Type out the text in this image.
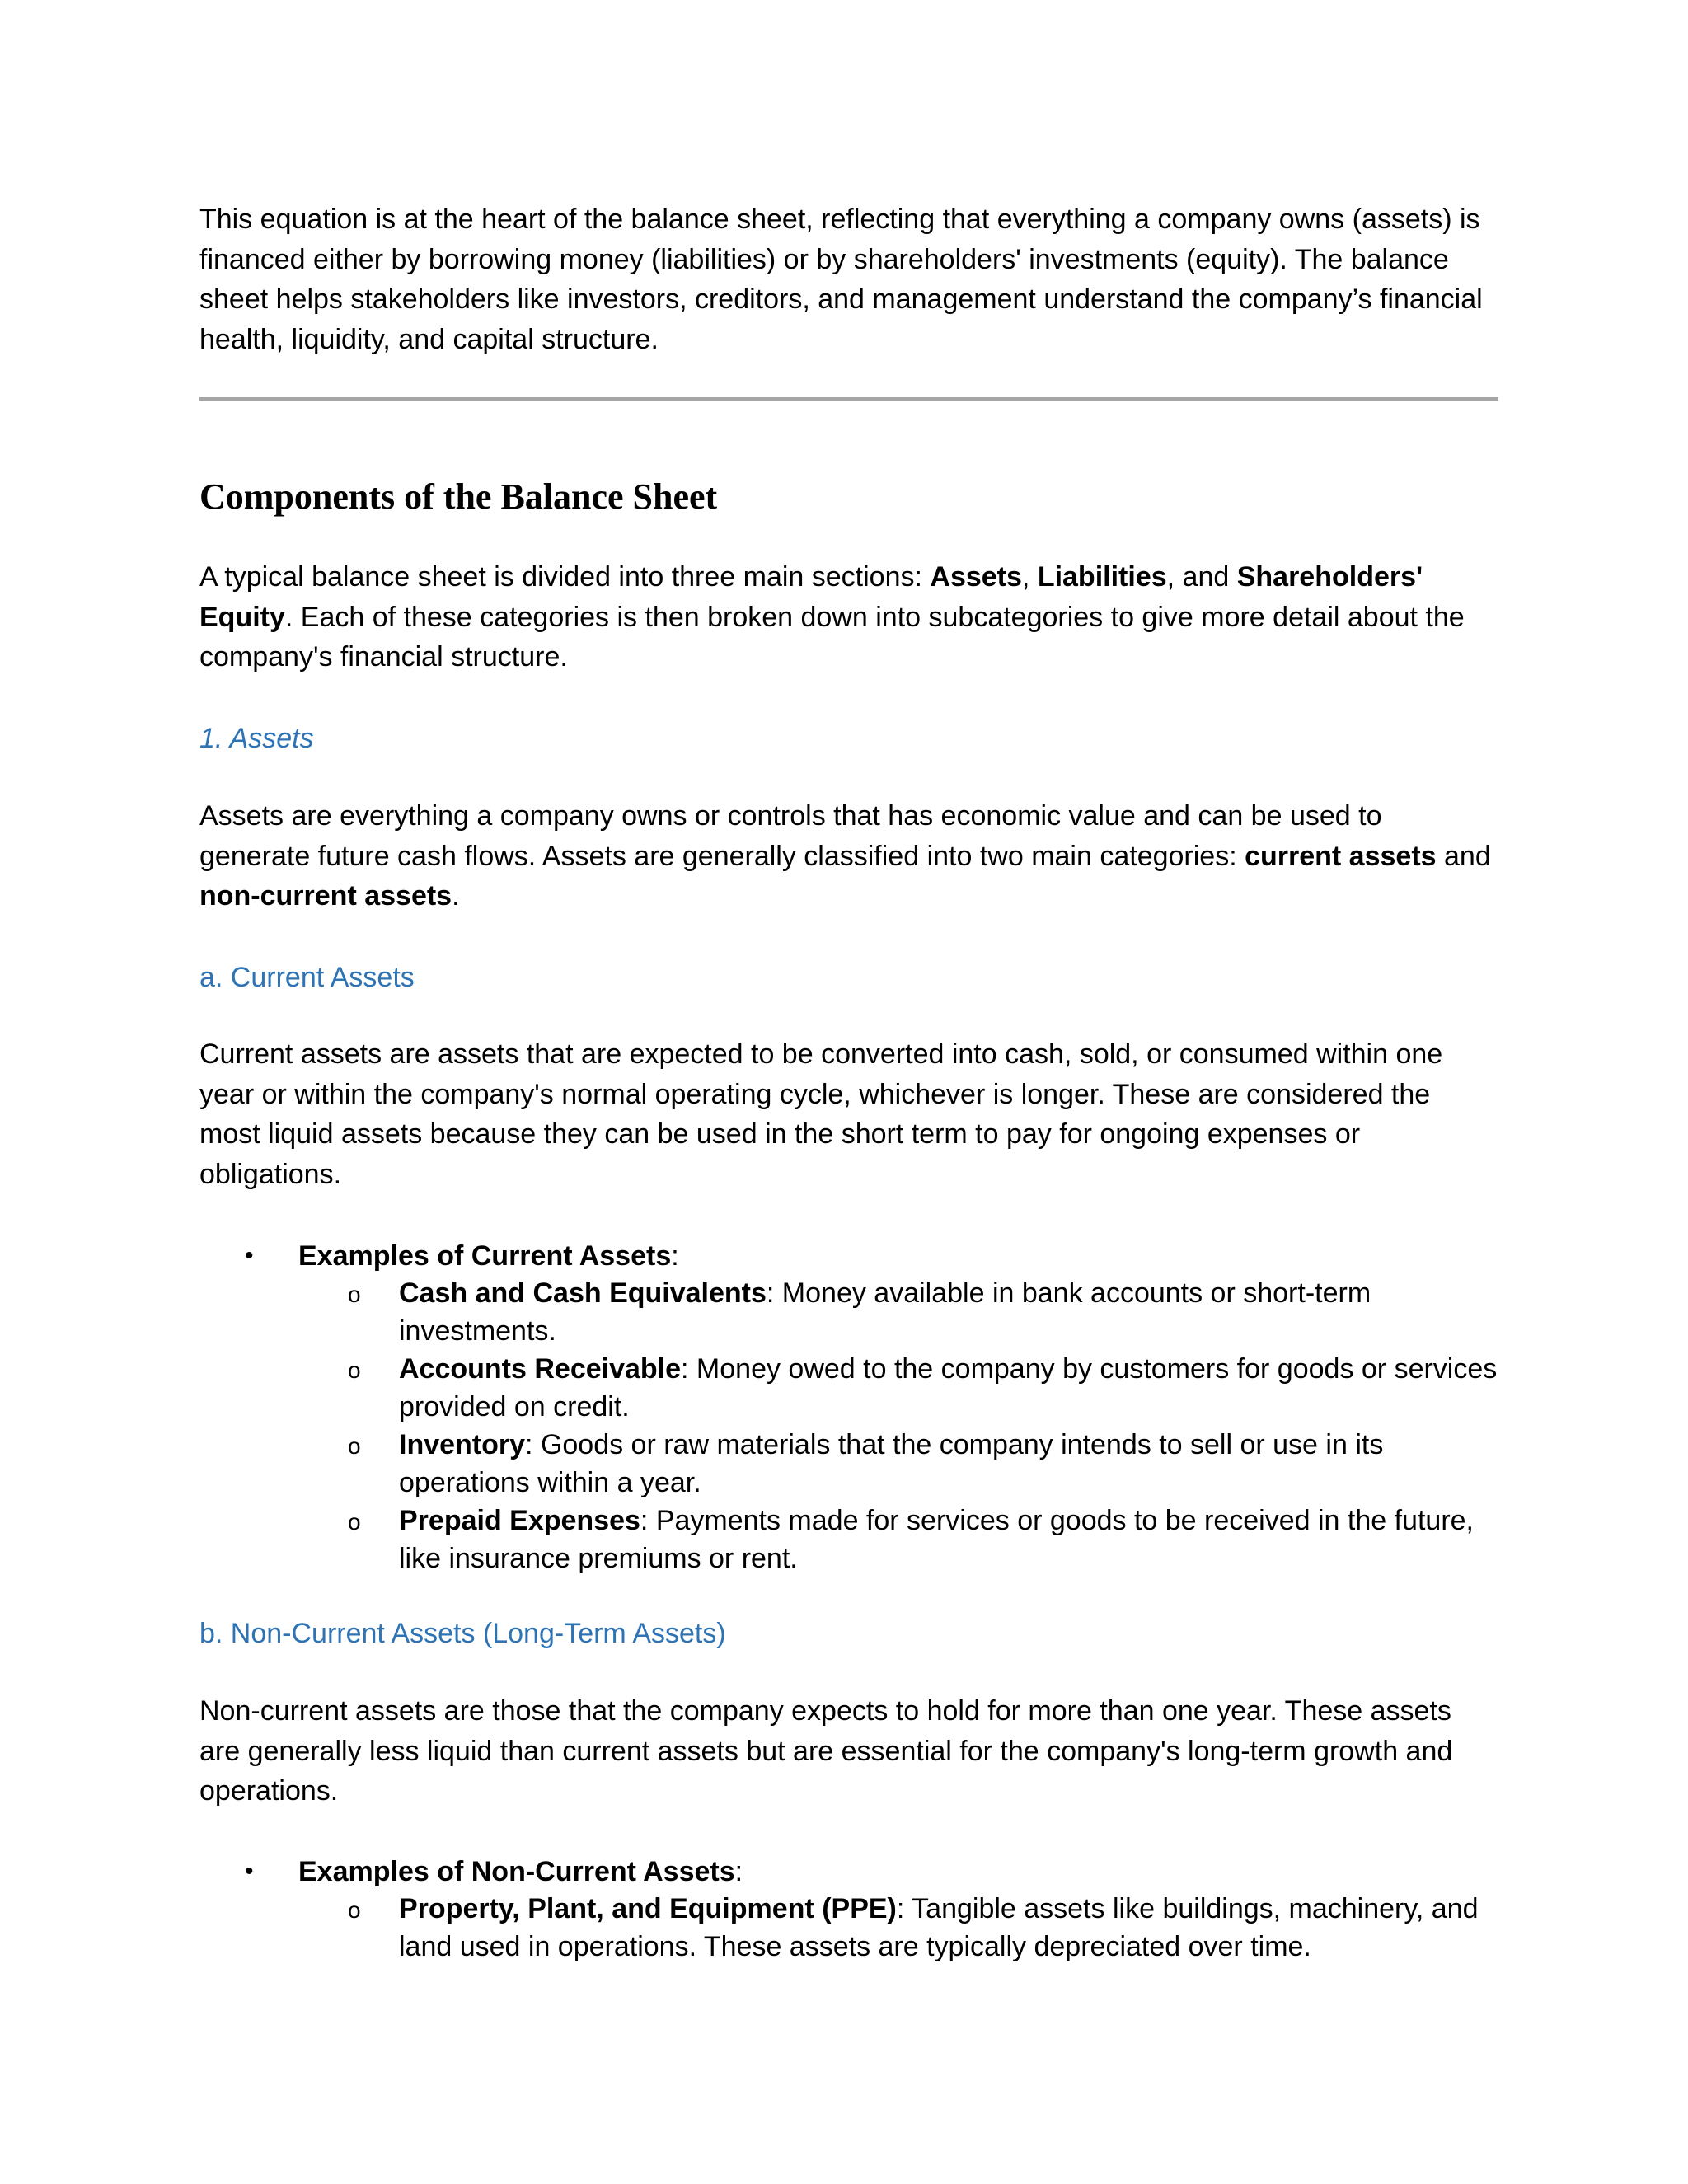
This equation is at the heart of the balance sheet, reflecting that everything a company owns (assets) is financed either by borrowing money (liabilities) or by shareholders' investments (equity). The balance sheet helps stakeholders like investors, creditors, and management understand the company’s financial health, liquidity, and capital structure.

Components of the Balance Sheet

A typical balance sheet is divided into three main sections: Assets, Liabilities, and Shareholders' Equity. Each of these categories is then broken down into subcategories to give more detail about the company's financial structure.

1. Assets

Assets are everything a company owns or controls that has economic value and can be used to generate future cash flows. Assets are generally classified into two main categories: current assets and non-current assets.

a. Current Assets

Current assets are assets that are expected to be converted into cash, sold, or consumed within one year or within the company's normal operating cycle, whichever is longer. These are considered the most liquid assets because they can be used in the short term to pay for ongoing expenses or obligations.

• Examples of Current Assets:
o Cash and Cash Equivalents: Money available in bank accounts or short-term investments.
o Accounts Receivable: Money owed to the company by customers for goods or services provided on credit.
o Inventory: Goods or raw materials that the company intends to sell or use in its operations within a year.
o Prepaid Expenses: Payments made for services or goods to be received in the future, like insurance premiums or rent.
b. Non-Current Assets (Long-Term Assets)

Non-current assets are those that the company expects to hold for more than one year. These assets are generally less liquid than current assets but are essential for the company's long-term growth and operations.

• Examples of Non-Current Assets:
o Property, Plant, and Equipment (PPE): Tangible assets like buildings, machinery, and land used in operations. These assets are typically depreciated over time.
